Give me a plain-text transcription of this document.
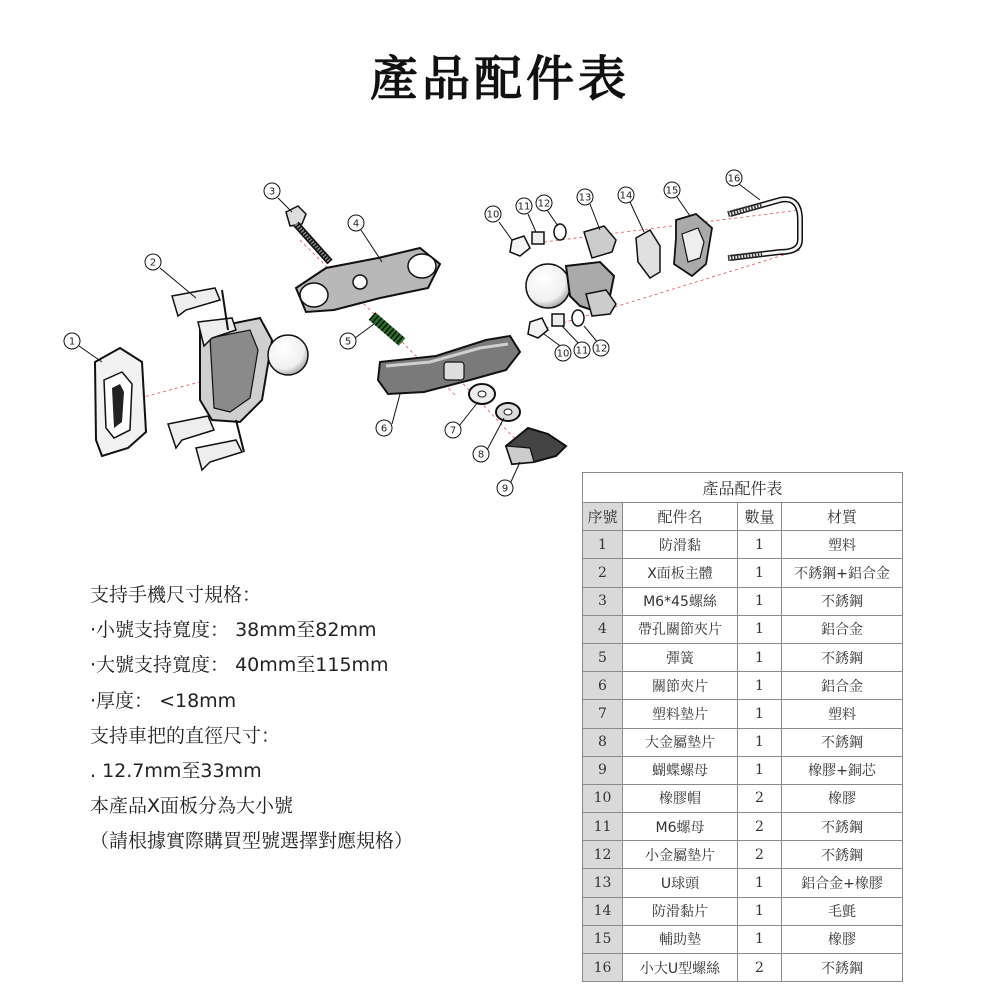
產品配件表
1
2
3
4
5
6	7
8
9
10
11 12
13	14	15
16
10 11 12
支持手機尺寸規格：
·小號支持寬度： 38mm至82mm
·大號支持寬度： 40mm至115mm
·厚度： <18mm
支持車把的直徑尺寸：
. 12.7mm至33mm
本產品X面板分為大小號
（請根據實際購買型號選擇對應規格）
產品配件表			
序號	配件名	數量	材質
1	防滑黏	1	塑料
2	X面板主體	1	不銹鋼+鋁合金
3	M6*45螺絲	1	不銹鋼
4	帶孔關節夾片	1	鋁合金
5	彈簧	1	不銹鋼
6	關節夾片	1	鋁合金
7	塑料墊片	1	塑料
8	大金屬墊片	1	不銹鋼
9	蝴蝶螺母	1	橡膠+銅芯
10	橡膠帽	2	橡膠
11	M6螺母	2	不銹鋼
12	小金屬墊片	2	不銹鋼
13	U球頭	1	鋁合金+橡膠
14	防滑黏片	1	毛氈
15	輔助墊	1	橡膠
16	小大U型螺絲	2	不銹鋼
